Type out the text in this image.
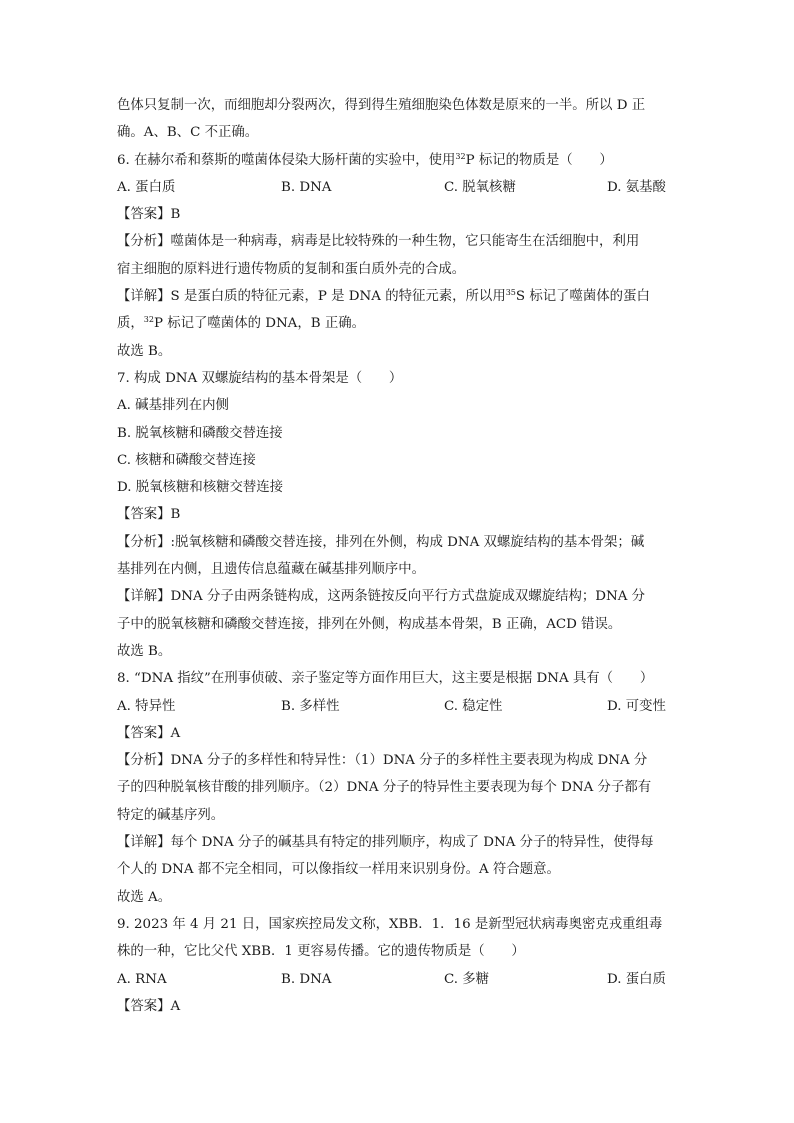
色体只复制一次，而细胞却分裂两次，得到得生殖细胞染色体数是原来的一半。所以 D 正
确。A、B、C 不正确。
6. 在赫尔希和蔡斯的噬菌体侵染大肠杆菌的实验中，使用$^{32}$P 标记的物质是（　　）
A. 蛋白质	B. DNA	C. 脱氧核糖	D. 氨基酸
【答案】B
【分析】噬菌体是一种病毒，病毒是比较特殊的一种生物，它只能寄生在活细胞中，利用
宿主细胞的原料进行遗传物质的复制和蛋白质外壳的合成。
【详解】S 是蛋白质的特征元素，P 是 DNA 的特征元素，所以用$^{35}$S 标记了噬菌体的蛋白
质，$^{32}$P 标记了噬菌体的 DNA，B 正确。
故选 B。
7. 构成 DNA 双螺旋结构的基本骨架是（　　）
A. 碱基排列在内侧
B. 脱氧核糖和磷酸交替连接
C. 核糖和磷酸交替连接
D. 脱氧核糖和核糖交替连接
【答案】B
【分析】:脱氧核糖和磷酸交替连接，排列在外侧，构成 DNA 双螺旋结构的基本骨架；碱
基排列在内侧，且遗传信息蕴藏在碱基排列顺序中。
【详解】DNA 分子由两条链构成，这两条链按反向平行方式盘旋成双螺旋结构；DNA 分
子中的脱氧核糖和磷酸交替连接，排列在外侧，构成基本骨架，B 正确，ACD 错误。
故选 B。
8. “DNA 指纹”在刑事侦破、亲子鉴定等方面作用巨大，这主要是根据 DNA 具有（　　）
A. 特异性	B. 多样性	C. 稳定性	D. 可变性
【答案】A
【分析】DNA 分子的多样性和特异性：（1）DNA 分子的多样性主要表现为构成 DNA 分
子的四种脱氧核苷酸的排列顺序。（2）DNA 分子的特异性主要表现为每个 DNA 分子都有
特定的碱基序列。
【详解】每个 DNA 分子的碱基具有特定的排列顺序，构成了 DNA 分子的特异性，使得每
个人的 DNA 都不完全相同，可以像指纹一样用来识别身份。A 符合题意。
故选 A。
9. 2023 年 4 月 21 日，国家疾控局发文称，XBB．1．16 是新型冠状病毒奥密克戎重组毒
株的一种，它比父代 XBB．1 更容易传播。它的遗传物质是（　　）
A. RNA	B. DNA	C. 多糖	D. 蛋白质
【答案】A
